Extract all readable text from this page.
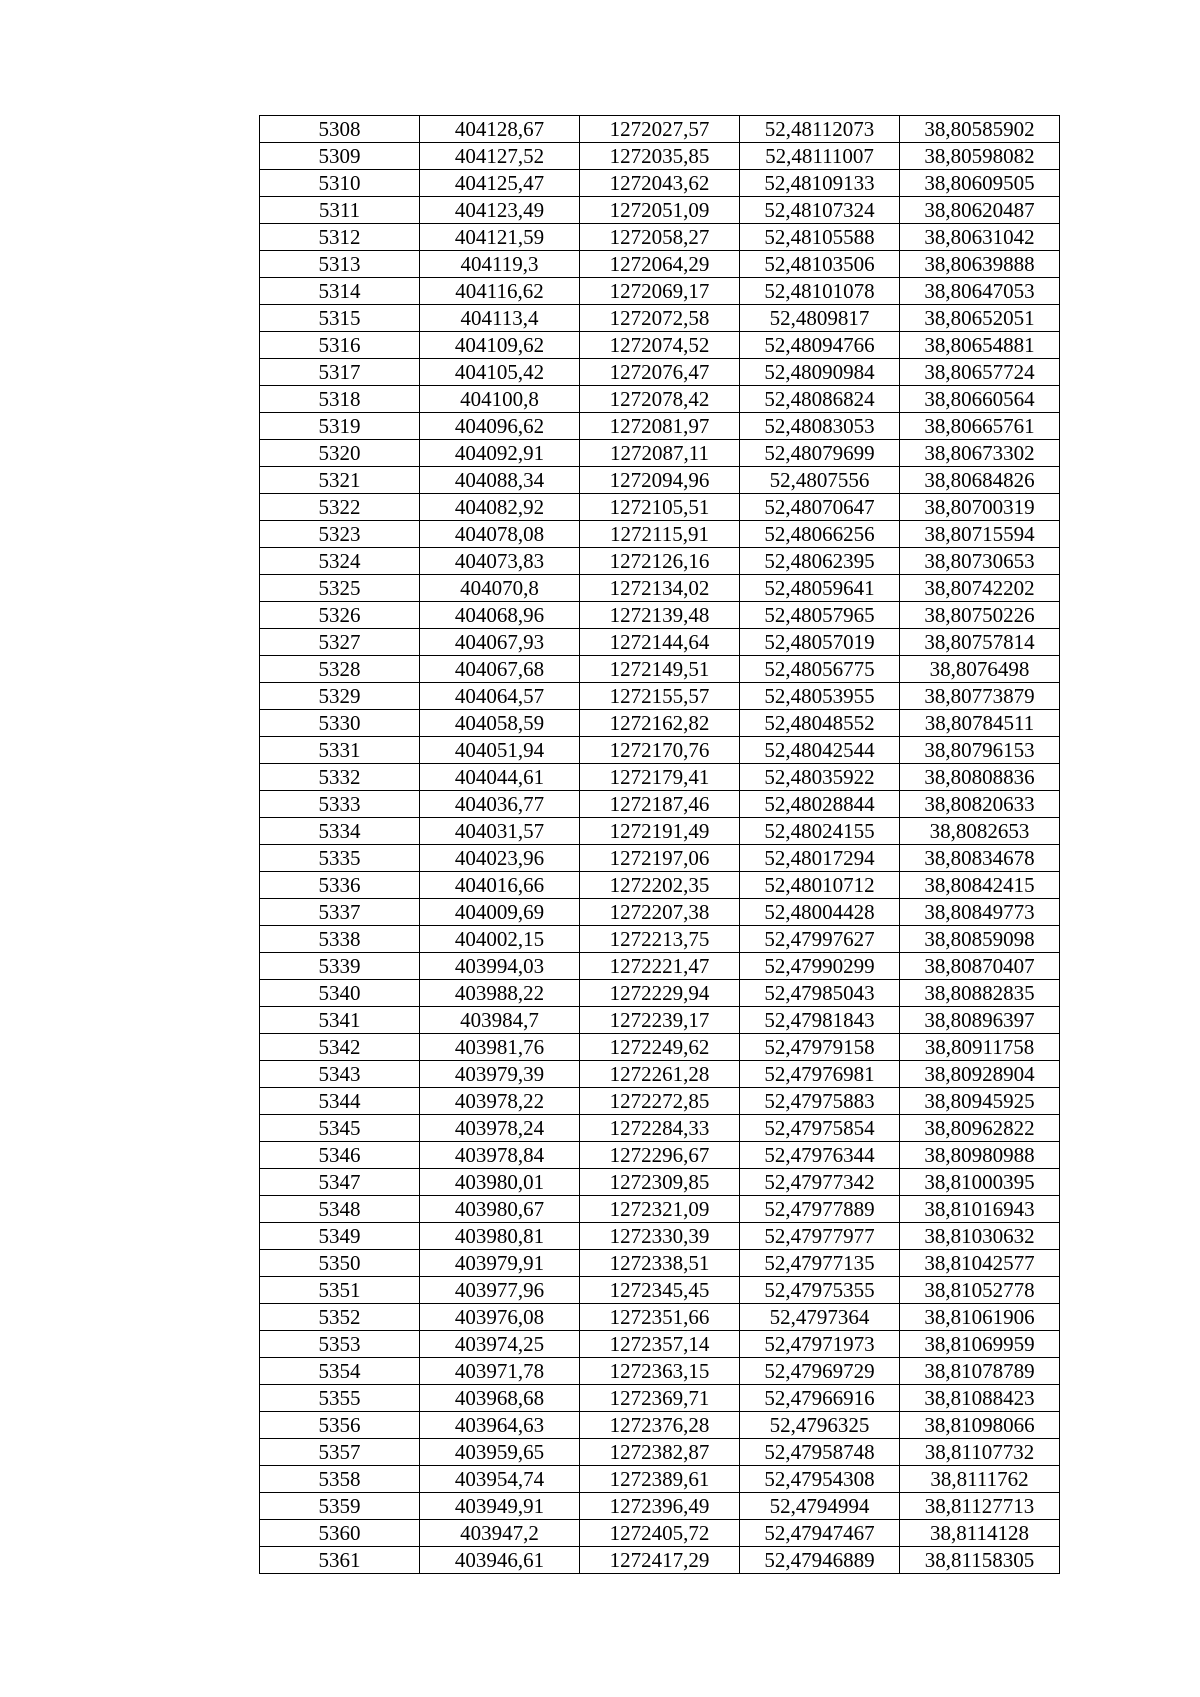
5308	404128,67	1272027,57	52,48112073	38,80585902
5309	404127,52	1272035,85	52,48111007	38,80598082
5310	404125,47	1272043,62	52,48109133	38,80609505
5311	404123,49	1272051,09	52,48107324	38,80620487
5312	404121,59	1272058,27	52,48105588	38,80631042
5313	404119,3	1272064,29	52,48103506	38,80639888
5314	404116,62	1272069,17	52,48101078	38,80647053
5315	404113,4	1272072,58	52,4809817	38,80652051
5316	404109,62	1272074,52	52,48094766	38,80654881
5317	404105,42	1272076,47	52,48090984	38,80657724
5318	404100,8	1272078,42	52,48086824	38,80660564
5319	404096,62	1272081,97	52,48083053	38,80665761
5320	404092,91	1272087,11	52,48079699	38,80673302
5321	404088,34	1272094,96	52,4807556	38,80684826
5322	404082,92	1272105,51	52,48070647	38,80700319
5323	404078,08	1272115,91	52,48066256	38,80715594
5324	404073,83	1272126,16	52,48062395	38,80730653
5325	404070,8	1272134,02	52,48059641	38,80742202
5326	404068,96	1272139,48	52,48057965	38,80750226
5327	404067,93	1272144,64	52,48057019	38,80757814
5328	404067,68	1272149,51	52,48056775	38,8076498
5329	404064,57	1272155,57	52,48053955	38,80773879
5330	404058,59	1272162,82	52,48048552	38,80784511
5331	404051,94	1272170,76	52,48042544	38,80796153
5332	404044,61	1272179,41	52,48035922	38,80808836
5333	404036,77	1272187,46	52,48028844	38,80820633
5334	404031,57	1272191,49	52,48024155	38,8082653
5335	404023,96	1272197,06	52,48017294	38,80834678
5336	404016,66	1272202,35	52,48010712	38,80842415
5337	404009,69	1272207,38	52,48004428	38,80849773
5338	404002,15	1272213,75	52,47997627	38,80859098
5339	403994,03	1272221,47	52,47990299	38,80870407
5340	403988,22	1272229,94	52,47985043	38,80882835
5341	403984,7	1272239,17	52,47981843	38,80896397
5342	403981,76	1272249,62	52,47979158	38,80911758
5343	403979,39	1272261,28	52,47976981	38,80928904
5344	403978,22	1272272,85	52,47975883	38,80945925
5345	403978,24	1272284,33	52,47975854	38,80962822
5346	403978,84	1272296,67	52,47976344	38,80980988
5347	403980,01	1272309,85	52,47977342	38,81000395
5348	403980,67	1272321,09	52,47977889	38,81016943
5349	403980,81	1272330,39	52,47977977	38,81030632
5350	403979,91	1272338,51	52,47977135	38,81042577
5351	403977,96	1272345,45	52,47975355	38,81052778
5352	403976,08	1272351,66	52,4797364	38,81061906
5353	403974,25	1272357,14	52,47971973	38,81069959
5354	403971,78	1272363,15	52,47969729	38,81078789
5355	403968,68	1272369,71	52,47966916	38,81088423
5356	403964,63	1272376,28	52,4796325	38,81098066
5357	403959,65	1272382,87	52,47958748	38,81107732
5358	403954,74	1272389,61	52,47954308	38,8111762
5359	403949,91	1272396,49	52,4794994	38,81127713
5360	403947,2	1272405,72	52,47947467	38,8114128
5361	403946,61	1272417,29	52,47946889	38,81158305
